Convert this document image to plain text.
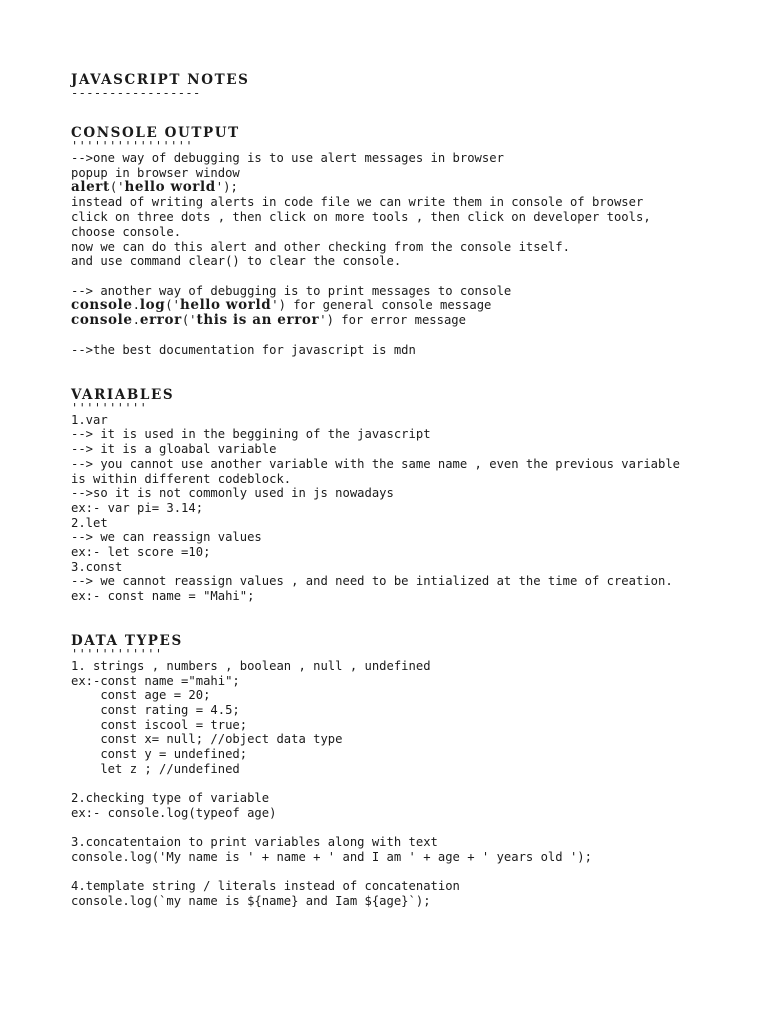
JAVASCRIPT NOTES
-----------------
CONSOLE OUTPUT
''''''''''''''''
-->one way of debugging is to use alert messages in browser
popup in browser window
alert('hello world');
instead of writing alerts in code file we can write them in console of browser
click on three dots , then click on more tools , then click on developer tools,
choose console.
now we can do this alert and other checking from the console itself.
and use command clear() to clear the console.
--> another way of debugging is to print messages to console
console.log('hello world') for general console message
console.error('this is an error') for error message
-->the best documentation for javascript is mdn
VARIABLES
''''''''''
1.var
--> it is used in the beggining of the javascript
--> it is a gloabal variable
--> you cannot use another variable with the same name , even the previous variable
is within different codeblock.
-->so it is not commonly used in js nowadays
ex:- var pi= 3.14;
2.let
--> we can reassign values
ex:- let score =10;
3.const
--> we cannot reassign values , and need to be intialized at the time of creation.
ex:- const name = "Mahi";
DATA TYPES
''''''''''''
1. strings , numbers , boolean , null , undefined
ex:-const name ="mahi";
const age = 20;
const rating = 4.5;
const iscool = true;
const x= null; //object data type
const y = undefined;
let z ; //undefined
2.checking type of variable
ex:- console.log(typeof age)
3.concatentaion to print variables along with text
console.log('My name is ' + name + ' and I am ' + age + ' years old ');
4.template string / literals instead of concatenation
console.log(`my name is ${name} and Iam ${age}`);
